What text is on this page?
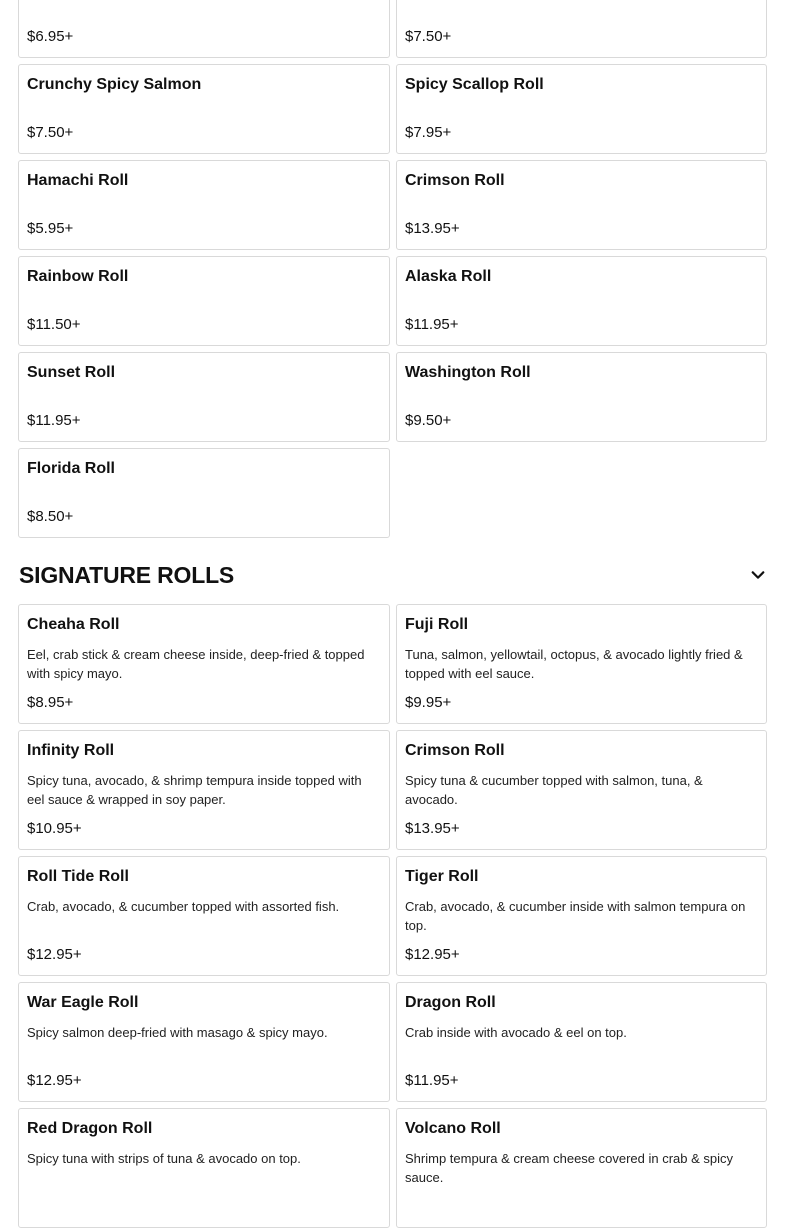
$6.95+	$7.50+
Crunchy Spicy Salmon
$7.50+
Spicy Scallop Roll
$7.95+
Hamachi Roll
$5.95+
Crimson Roll
$13.95+
Rainbow Roll
$11.50+
Alaska Roll
$11.95+
Sunset Roll
$11.95+
Washington Roll
$9.50+
Florida Roll
$8.50+
SIGNATURE ROLLS
Cheaha Roll
Eel, crab stick & cream cheese inside, deep-fried & topped with spicy mayo.
$8.95+
Fuji Roll
Tuna, salmon, yellowtail, octopus, & avocado lightly fried & topped with eel sauce.
$9.95+
Infinity Roll
Spicy tuna, avocado, & shrimp tempura inside topped with eel sauce & wrapped in soy paper.
$10.95+
Crimson Roll
Spicy tuna & cucumber topped with salmon, tuna, & avocado.
$13.95+
Roll Tide Roll
Crab, avocado, & cucumber topped with assorted fish.
$12.95+
Tiger Roll
Crab, avocado, & cucumber inside with salmon tempura on top.
$12.95+
War Eagle Roll
Spicy salmon deep-fried with masago & spicy mayo.
$12.95+
Dragon Roll
Crab inside with avocado & eel on top.
$11.95+
Red Dragon Roll
Spicy tuna with strips of tuna & avocado on top.
Volcano Roll
Shrimp tempura & cream cheese covered in crab & spicy sauce.
